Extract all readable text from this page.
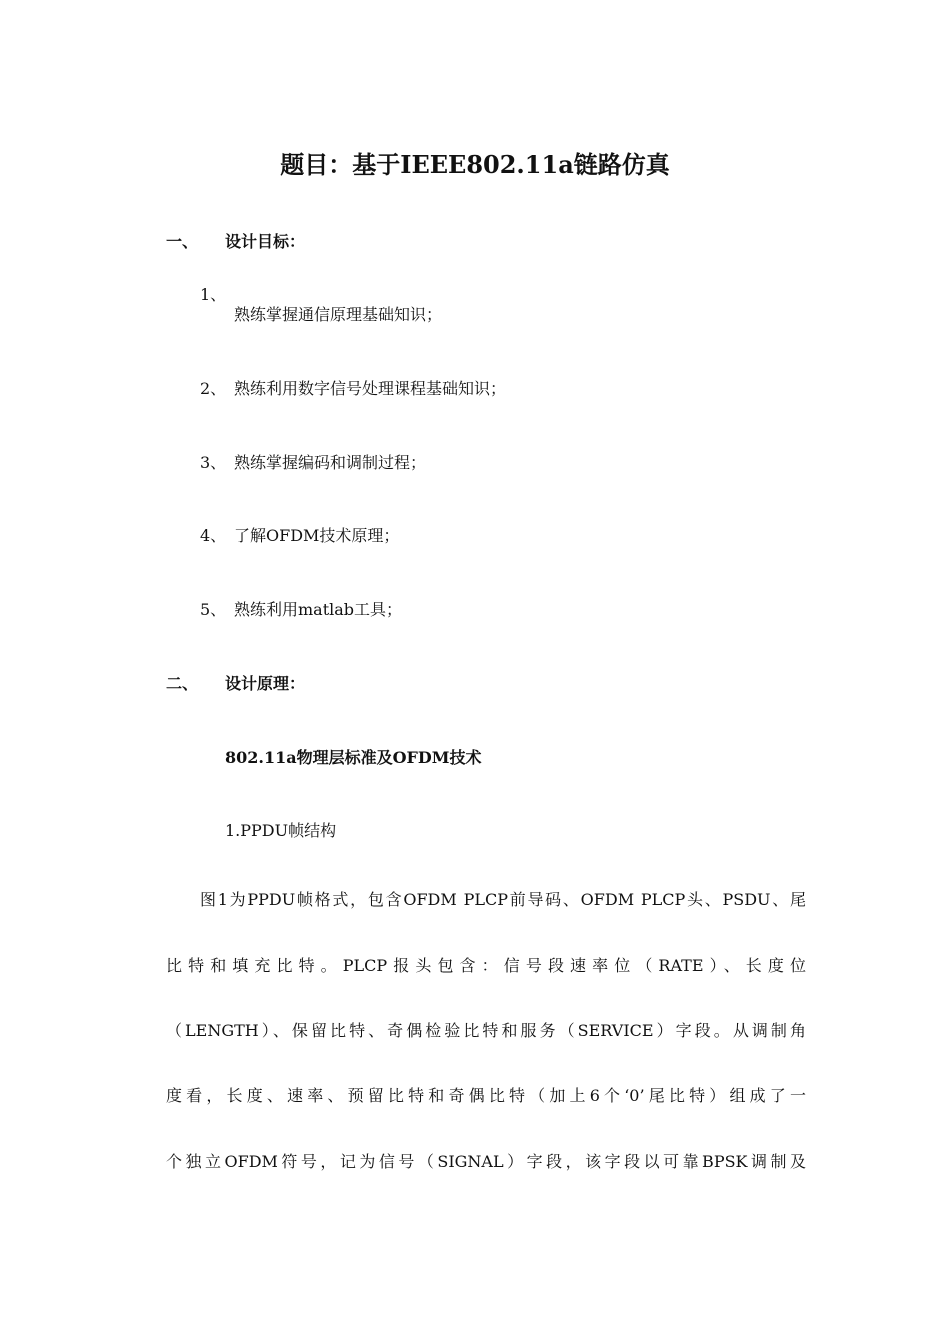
题目：基于IEEE802.11a链路仿真
一、 设计目标：
1、
熟练掌握通信原理基础知识；
2、 熟练利用数字信号处理课程基础知识；
3、 熟练掌握编码和调制过程；
4、 了解OFDM技术原理；
5、 熟练利用matlab工具；
二、 设计原理：
802.11a物理层标准及OFDM技术
1.PPDU帧结构
图1为PPDU帧格式，包含OFDM PLCP前导码、OFDM PLCP头、PSDU、尾
比特和填充比特。PLCP报头包含：信号段速率位（RATE）、长度位
（LENGTH）、保留比特、奇偶检验比特和服务（SERVICE）字段。从调制角
度看，长度、速率、预留比特和奇偶比特（加上6个‘0’尾比特）组成了一
个独立OFDM符号，记为信号（SIGNAL）字段，该字段以可靠BPSK调制及
